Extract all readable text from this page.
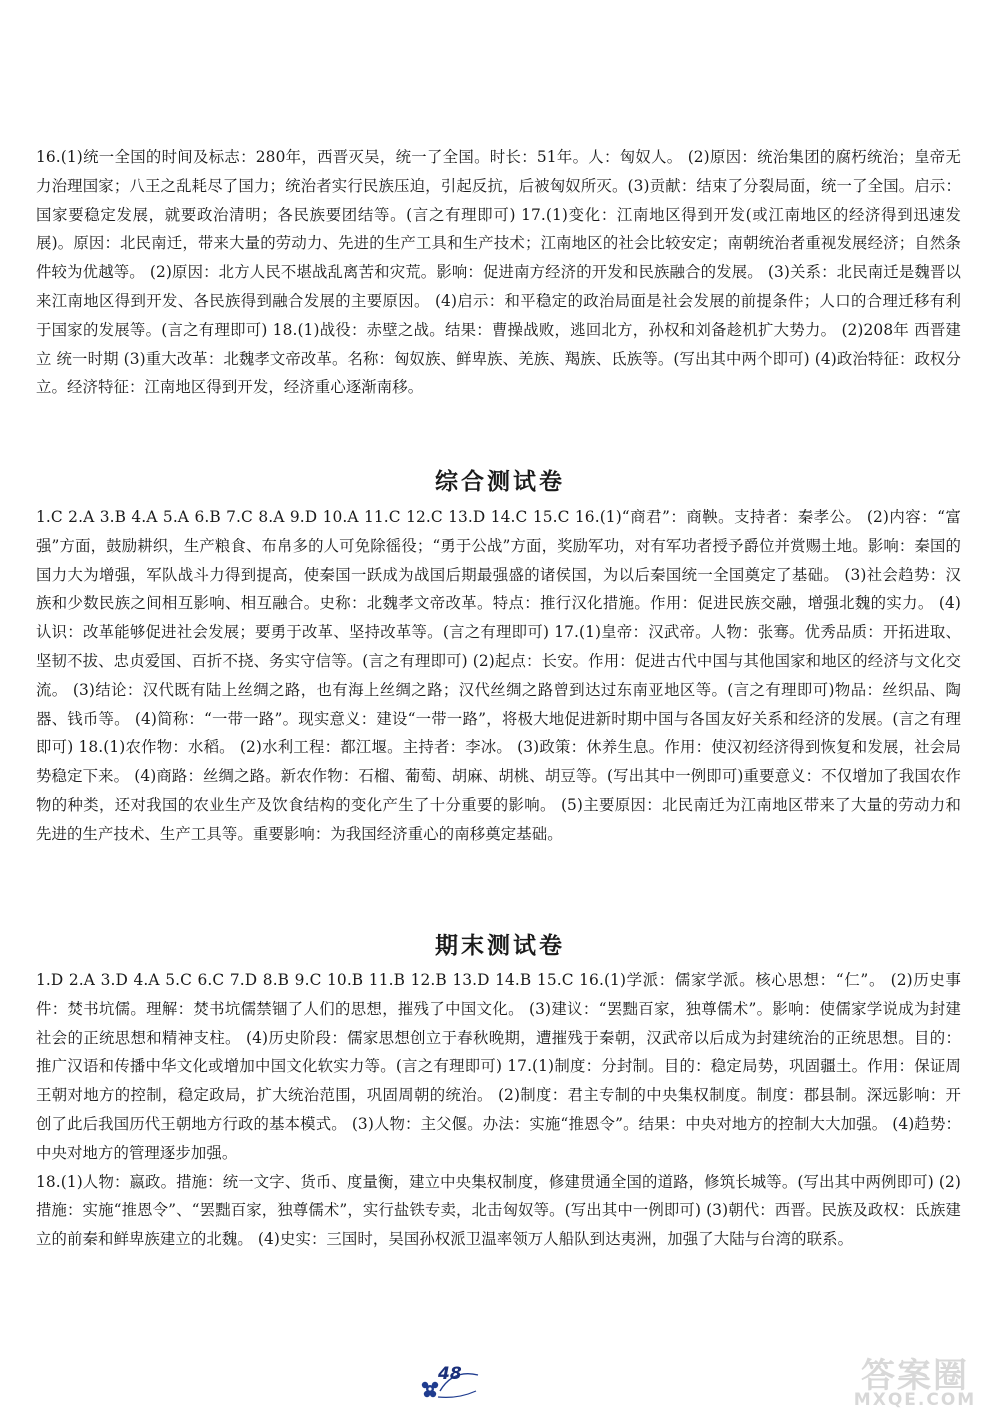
16.(1)统一全国的时间及标志：280年，西晋灭吴，统一了全国。时长：51年。人：匈奴人。 (2)原因：统治集团的腐朽统治；皇帝无力治理国家；八王之乱耗尽了国力；统治者实行民族压迫，引起反抗，后被匈奴所灭。(3)贡献：结束了分裂局面，统一了全国。启示：国家要稳定发展，就要政治清明；各民族要团结等。(言之有理即可) 17.(1)变化：江南地区得到开发(或江南地区的经济得到迅速发展)。原因：北民南迁，带来大量的劳动力、先进的生产工具和生产技术；江南地区的社会比较安定；南朝统治者重视发展经济；自然条件较为优越等。 (2)原因：北方人民不堪战乱离苦和灾荒。影响：促进南方经济的开发和民族融合的发展。 (3)关系：北民南迁是魏晋以来江南地区得到开发、各民族得到融合发展的主要原因。 (4)启示：和平稳定的政治局面是社会发展的前提条件；人口的合理迁移有利于国家的发展等。(言之有理即可) 18.(1)战役：赤壁之战。结果：曹操战败，逃回北方，孙权和刘备趁机扩大势力。 (2)208年 西晋建立 统一时期 (3)重大改革：北魏孝文帝改革。名称：匈奴族、鲜卑族、羌族、羯族、氐族等。(写出其中两个即可) (4)政治特征：政权分立。经济特征：江南地区得到开发，经济重心逐渐南移。

综合测试卷

1.C 2.A 3.B 4.A 5.A 6.B 7.C 8.A 9.D 10.A 11.C 12.C 13.D 14.C 15.C 16.(1)“商君”：商鞅。支持者：秦孝公。 (2)内容：“富强”方面，鼓励耕织，生产粮食、布帛多的人可免除徭役；“勇于公战”方面，奖励军功，对有军功者授予爵位并赏赐土地。影响：秦国的国力大为增强，军队战斗力得到提高，使秦国一跃成为战国后期最强盛的诸侯国，为以后秦国统一全国奠定了基础。 (3)社会趋势：汉族和少数民族之间相互影响、相互融合。史称：北魏孝文帝改革。特点：推行汉化措施。作用：促进民族交融，增强北魏的实力。 (4)认识：改革能够促进社会发展；要勇于改革、坚持改革等。(言之有理即可) 17.(1)皇帝：汉武帝。人物：张骞。优秀品质：开拓进取、坚韧不拔、忠贞爱国、百折不挠、务实守信等。(言之有理即可) (2)起点：长安。作用：促进古代中国与其他国家和地区的经济与文化交流。 (3)结论：汉代既有陆上丝绸之路，也有海上丝绸之路；汉代丝绸之路曾到达过东南亚地区等。(言之有理即可)物品：丝织品、陶器、钱币等。 (4)简称：“一带一路”。现实意义：建设“一带一路”，将极大地促进新时期中国与各国友好关系和经济的发展。(言之有理即可) 18.(1)农作物：水稻。 (2)水利工程：都江堰。主持者：李冰。 (3)政策：休养生息。作用：使汉初经济得到恢复和发展，社会局势稳定下来。 (4)商路：丝绸之路。新农作物：石榴、葡萄、胡麻、胡桃、胡豆等。(写出其中一例即可)重要意义：不仅增加了我国农作物的种类，还对我国的农业生产及饮食结构的变化产生了十分重要的影响。 (5)主要原因：北民南迁为江南地区带来了大量的劳动力和先进的生产技术、生产工具等。重要影响：为我国经济重心的南移奠定基础。

期末测试卷

1.D 2.A 3.D 4.A 5.C 6.C 7.D 8.B 9.C 10.B 11.B 12.B 13.D 14.B 15.C 16.(1)学派：儒家学派。核心思想：“仁”。 (2)历史事件：焚书坑儒。理解：焚书坑儒禁锢了人们的思想，摧残了中国文化。 (3)建议：“罢黜百家，独尊儒术”。影响：使儒家学说成为封建社会的正统思想和精神支柱。 (4)历史阶段：儒家思想创立于春秋晚期，遭摧残于秦朝，汉武帝以后成为封建统治的正统思想。目的：推广汉语和传播中华文化或增加中国文化软实力等。(言之有理即可) 17.(1)制度：分封制。目的：稳定局势，巩固疆土。作用：保证周王朝对地方的控制，稳定政局，扩大统治范围，巩固周朝的统治。 (2)制度：君主专制的中央集权制度。制度：郡县制。深远影响：开创了此后我国历代王朝地方行政的基本模式。 (3)人物：主父偃。办法：实施“推恩令”。结果：中央对地方的控制大大加强。 (4)趋势：中央对地方的管理逐步加强。

18.(1)人物：嬴政。措施：统一文字、货币、度量衡，建立中央集权制度，修建贯通全国的道路，修筑长城等。(写出其中两例即可) (2)措施：实施“推恩令”、“罢黜百家，独尊儒术”，实行盐铁专卖，北击匈奴等。(写出其中一例即可) (3)朝代：西晋。民族及政权：氐族建立的前秦和鲜卑族建立的北魏。 (4)史实：三国时，吴国孙权派卫温率领万人船队到达夷洲，加强了大陆与台湾的联系。

48	答案圈
MXQE.COM
